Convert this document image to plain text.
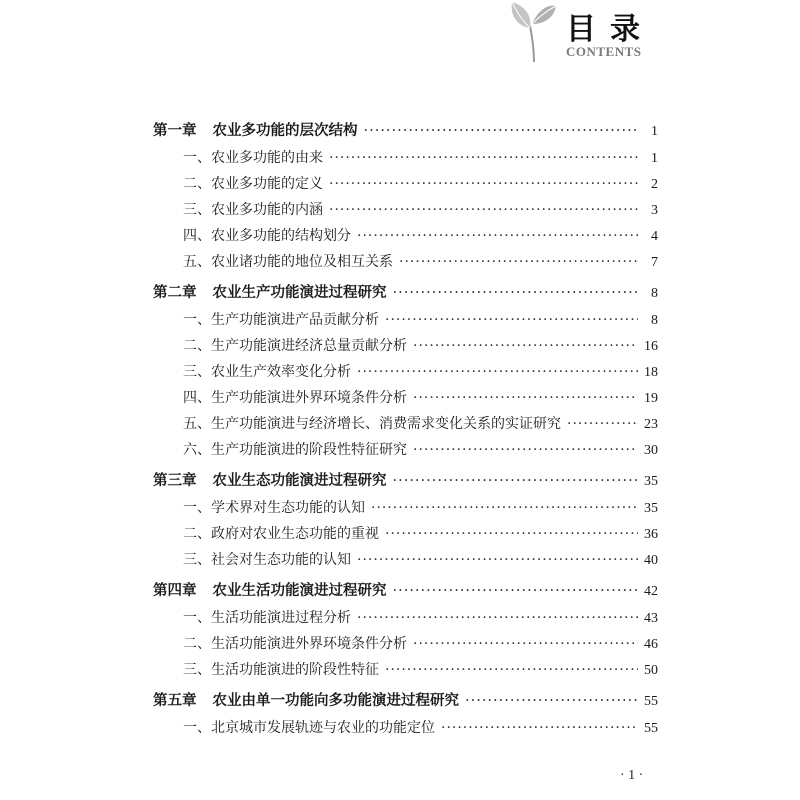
目录
CONTENTS
第一章 农业多功能的层次结构 ·····	1
一、农业多功能的由来 ·····	1
二、农业多功能的定义 ·····	2
三、农业多功能的内涵 ·····	3
四、农业多功能的结构划分 ·····	4
五、农业诸功能的地位及相互关系 ·····	7
第二章 农业生产功能演进过程研究 ·····	8
一、生产功能演进产品贡献分析 ·····	8
二、生产功能演进经济总量贡献分析 ·····	16
三、农业生产效率变化分析 ·····	18
四、生产功能演进外界环境条件分析 ·····	19
五、生产功能演进与经济增长、消费需求变化关系的实证研究 ·····	23
六、生产功能演进的阶段性特征研究 ·····	30
第三章 农业生态功能演进过程研究 ·····	35
一、学术界对生态功能的认知 ·····	35
二、政府对农业生态功能的重视 ·····	36
三、社会对生态功能的认知 ·····	40
第四章 农业生活功能演进过程研究 ·····	42
一、生活功能演进过程分析 ·····	43
二、生活功能演进外界环境条件分析 ·····	46
三、生活功能演进的阶段性特征 ·····	50
第五章 农业由单一功能向多功能演进过程研究 ·····	55
一、北京城市发展轨迹与农业的功能定位 ·····	55
· 1 ·
